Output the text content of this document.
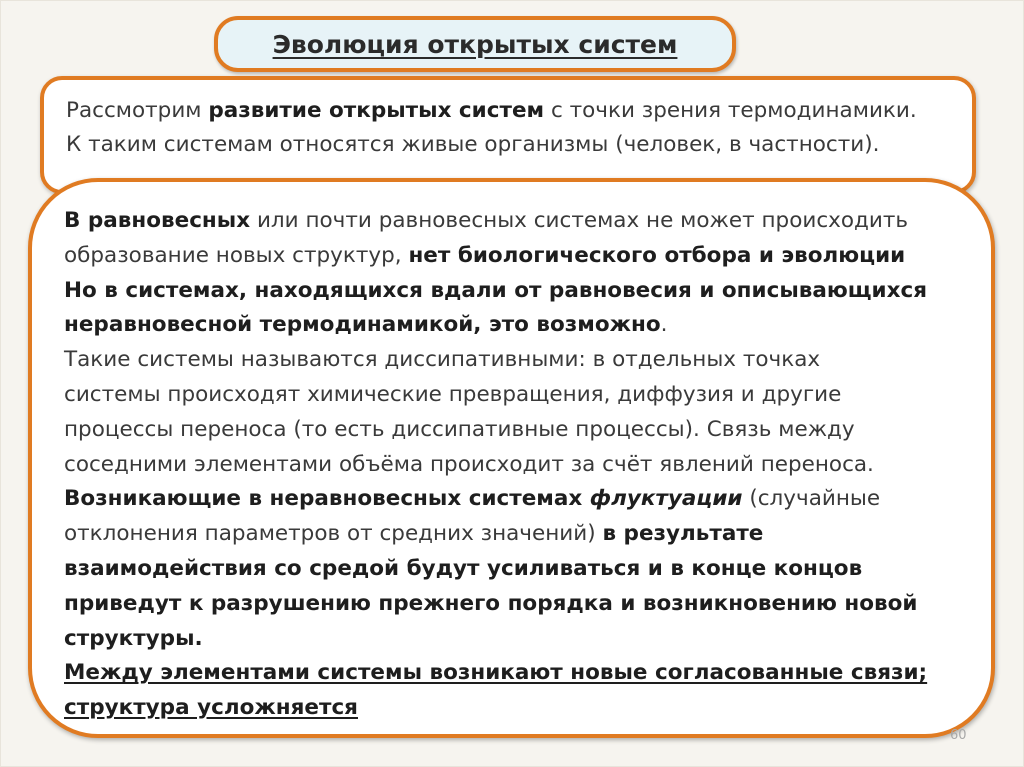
Эволюция открытых систем
Рассмотрим развитие открытых систем с точки зрения термодинамики.
К таким системам относятся живые организмы (человек, в частности).
В равновесных или почти равновесных системах не может происходить
образование новых структур, нет биологического отбора и эволюции
Но в системах, находящихся вдали от равновесия и описывающихся
неравновесной термодинамикой, это возможно.
Такие системы называются диссипативными: в отдельных точках
системы происходят химические превращения, диффузия и другие
процессы переноса (то есть диссипативные процессы). Связь между
соседними элементами объёма происходит за счёт явлений переноса.
Возникающие в неравновесных системах флуктуации (случайные
отклонения параметров от средних значений) в результате
взаимодействия со средой будут усиливаться и в конце концов
приведут к разрушению прежнего порядка и возникновению новой
структуры.
Между элементами системы возникают новые согласованные связи;
структура усложняется
60
